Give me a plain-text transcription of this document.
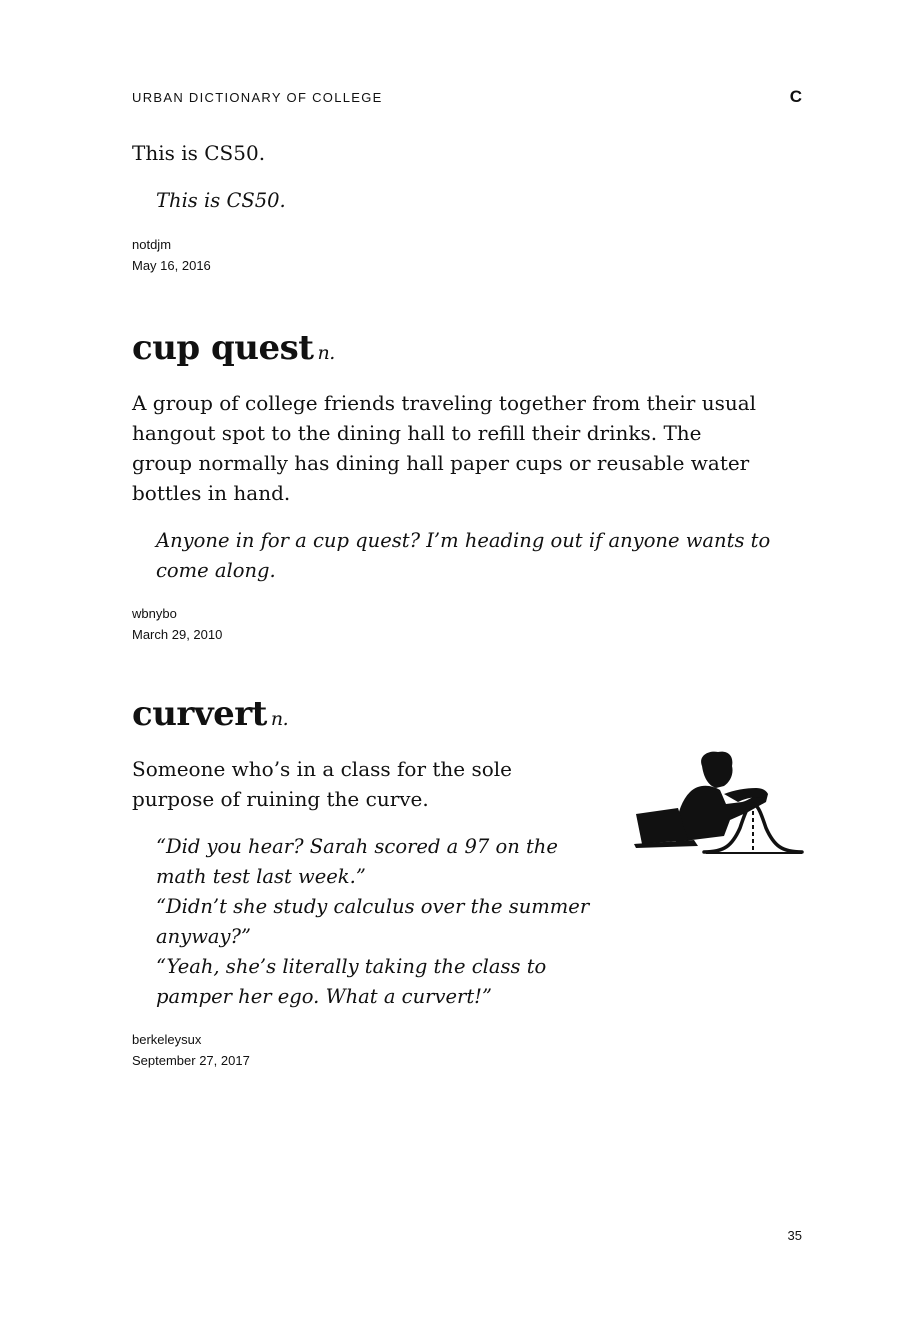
URBAN DICTIONARY OF COLLEGE	C

This is CS50.

This is CS50.

notdjm
May 16, 2016
cup quest n.

A group of college friends traveling together from their usual hangout spot to the dining hall to refill their drinks. The group normally has dining hall paper cups or reusable water bottles in hand.

Anyone in for a cup quest? I’m heading out if anyone wants to come along.

wbnybo
March 29, 2010
curvert n.

Someone who’s in a class for the sole purpose of ruining the curve.

“Did you hear? Sarah scored a 97 on the math test last week.”

“Didn’t she study calculus over the summer anyway?”

“Yeah, she’s literally taking the class to pamper her ego. What a curvert!”

berkeleysux
September 27, 2017
35
